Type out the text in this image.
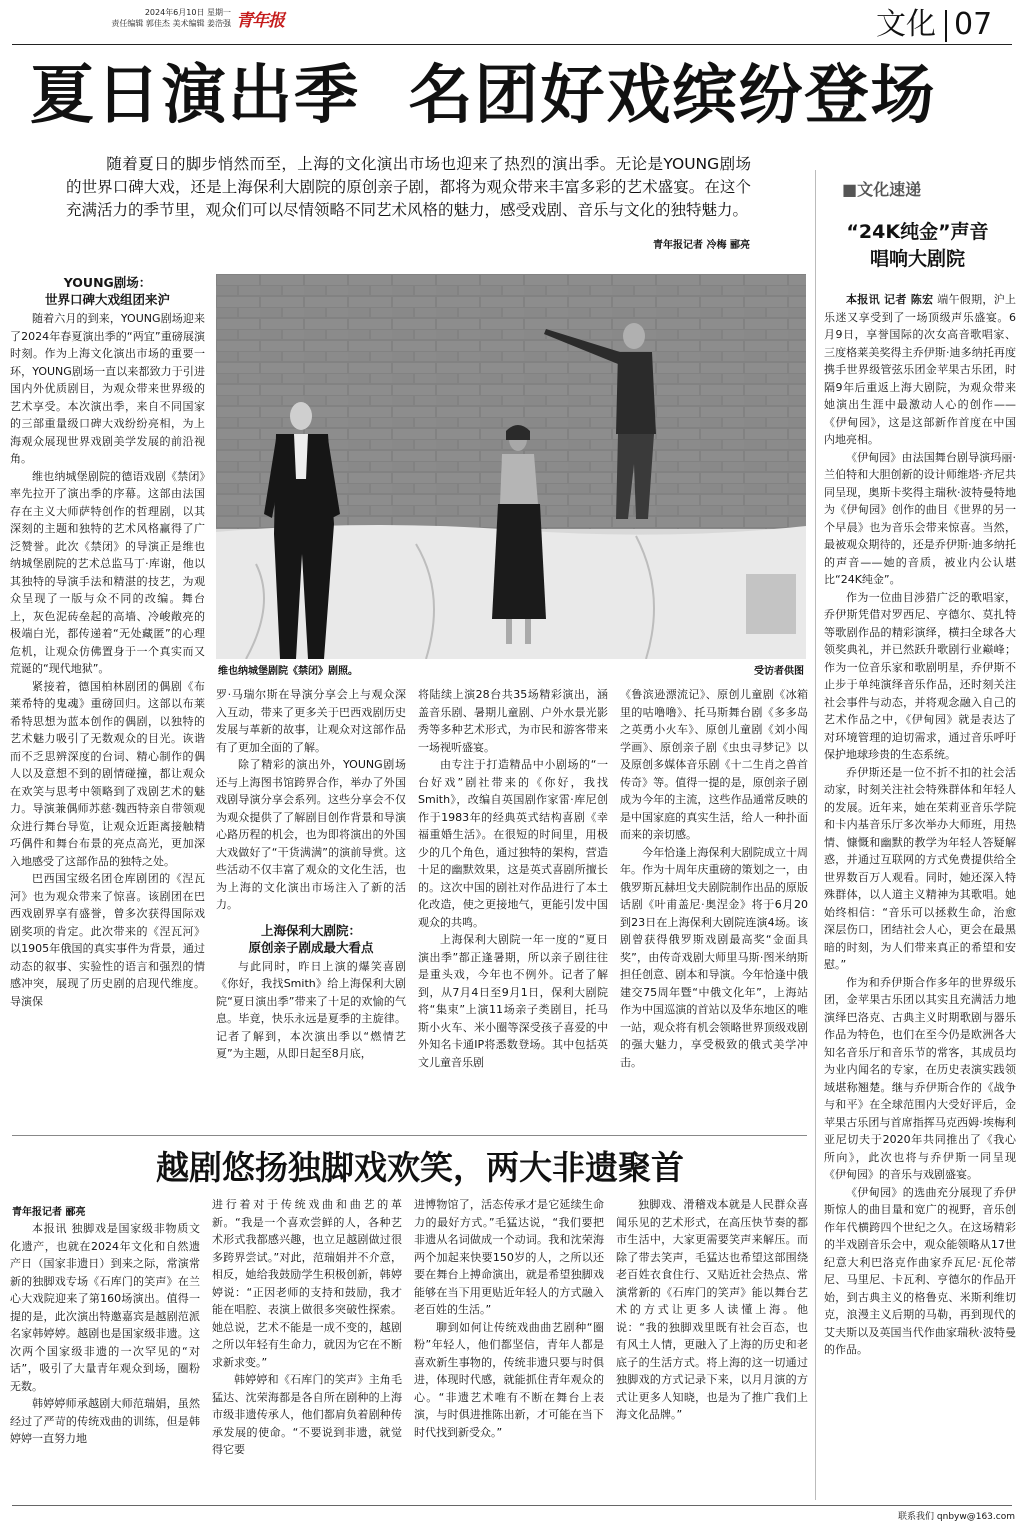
2024年6月10日 星期一
责任编辑 郭佳杰 美术编辑 姜浩强 青年报	文化 07
夏日演出季  名团好戏缤纷登场
随着夏日的脚步悄然而至，上海的文化演出市场也迎来了热烈的演出季。无论是YOUNG剧场的世界口碑大戏，还是上海保利大剧院的原创亲子剧，都将为观众带来丰富多彩的艺术盛宴。在这个充满活力的季节里，观众们可以尽情领略不同艺术风格的魅力，感受戏剧、音乐与文化的独特魅力。
青年报记者 冷梅 郦亮
■文化速递
“24K纯金”声音
唱响大剧院

本报讯 记者 陈宏 端午假期，沪上乐迷又享受到了一场顶级声乐盛宴。6月9日，享誉国际的次女高音歌唱家、三度格莱美奖得主乔伊斯·迪多纳托再度携手世界级管弦乐团金苹果古乐团，时隔9年后重返上海大剧院，为观众带来她演出生涯中最激动人心的创作——《伊甸园》，这是这部新作首度在中国内地亮相。

《伊甸园》由法国舞台剧导演玛丽·兰伯特和大胆创新的设计师维塔·齐尼共同呈现，奥斯卡奖得主瑞秋·波特曼特地为《伊甸园》创作的曲目《世界的另一个早晨》也为音乐会带来惊喜。当然，最被观众期待的，还是乔伊斯·迪多纳托的声音——她的音质，被业内公认堪比“24K纯金”。

作为一位曲目涉猎广泛的歌唱家，乔伊斯凭借对罗西尼、亨德尔、莫扎特等歌剧作品的精彩演绎，横扫全球各大领奖典礼，并已然跃升歌剧行业巅峰；作为一位音乐家和歌剧明星，乔伊斯不止步于单纯演绎音乐作品，还时刻关注社会事件与动态，并将观念融入自己的艺术作品之中，《伊甸园》就是表达了对环境管理的迫切需求，通过音乐呼吁保护地球珍贵的生态系统。

乔伊斯还是一位不折不扣的社会活动家，时刻关注社会特殊群体和年轻人的发展。近年来，她在茱莉亚音乐学院和卡内基音乐厅多次举办大师班，用热情、慷慨和幽默的教学为年轻人答疑解惑，并通过互联网的方式免费提供给全世界数百万人观看。同时，她还深入特殊群体，以人道主义精神为其歌唱。她始终相信：“音乐可以拯救生命，治愈深层伤口，团结社会人心，更会在最黑暗的时刻，为人们带来真正的希望和安慰。”

作为和乔伊斯合作多年的世界级乐团，金苹果古乐团以其实且充满活力地演绎巴洛克、古典主义时期歌剧与器乐作品为特色，也们在至今仍是欧洲各大知名音乐厅和音乐节的常客，其成员均为业内闻名的专家，在历史表演实践领域堪称翘楚。继与乔伊斯合作的《战争与和平》在全球范围内大受好评后，金苹果古乐团与首席指挥马克西姆·埃梅利亚尼切夫于2020年共同推出了《我心所向》，此次也将与乔伊斯一同呈现《伊甸园》的音乐与戏剧盛宴。

《伊甸园》的选曲充分展现了乔伊斯惊人的曲目量和宽广的视野，音乐创作年代横跨四个世纪之久。在这场精彩的半戏剧音乐会中，观众能领略从17世纪意大利巴洛克作曲家乔瓦尼·瓦伦蒂尼、马里尼、卡瓦利、亨德尔的作品开始，到古典主义的格鲁克、米斯利维切克，浪漫主义后期的马勒，再到现代的艾夫斯以及英国当代作曲家瑞秋·波特曼的作品。

YOUNG剧场：
世界口碑大戏组团来沪

随着六月的到来，YOUNG剧场迎来了2024年春夏演出季的“两宜”重磅展演时刻。作为上海文化演出市场的重要一环，YOUNG剧场一直以来都致力于引进国内外优质剧目，为观众带来世界级的艺术享受。本次演出季，来自不同国家的三部重量级口碑大戏纷纷亮相，为上海观众展现世界戏剧美学发展的前沿视角。

维也纳城堡剧院的德语戏剧《禁闭》率先拉开了演出季的序幕。这部由法国存在主义大师萨特创作的哲理剧，以其深刻的主题和独特的艺术风格赢得了广泛赞誉。此次《禁闭》的导演正是维也纳城堡剧院的艺术总监马丁·库谢，他以其独特的导演手法和精湛的技艺，为观众呈现了一版与众不同的改编。舞台上，灰色泥砖垒起的高墙、冷峻敞亮的极端白光，都传递着“无处藏匿”的心理危机，让观众仿佛置身于一个真实而又荒诞的“现代地狱”。

紧接着，德国柏林剧团的偶剧《布莱希特的鬼魂》重磅回归。这部以布莱希特思想为蓝本创作的偶剧，以独特的艺术魅力吸引了无数观众的目光。诙谐而不乏思辨深度的台词、精心制作的偶人以及意想不到的剧情碰撞，都让观众在欢笑与思考中领略到了戏剧艺术的魅力。导演兼偶师苏慈·魏西特亲自带领观众进行舞台导览，让观众近距离接触精巧偶件和舞台布景的亮点高光，更加深入地感受了这部作品的独特之处。

巴西国宝级名团仓库剧团的《涅瓦河》也为观众带来了惊喜。该剧团在巴西戏剧界享有盛誉，曾多次获得国际戏剧奖项的肯定。此次带来的《涅瓦河》以1905年俄国的真实事件为背景，通过动态的叙事、实验性的语言和强烈的情感冲突，展现了历史剧的启现代维度。导演保

维也纳城堡剧院《禁闭》剧照。	受访者供图

罗·马瑞尔斯在导演分享会上与观众深入互动，带来了更多关于巴西戏剧历史发展与革新的故事，让观众对这部作品有了更加全面的了解。

除了精彩的演出外，YOUNG剧场还与上海图书馆跨界合作，举办了外国戏剧导演分享会系列。这些分享会不仅为观众提供了了解剧目创作背景和导演心路历程的机会，也为即将演出的外国大戏做好了“干货满满”的演前导赏。这些活动不仅丰富了观众的文化生活，也为上海的文化演出市场注入了新的活力。

上海保利大剧院：
原创亲子剧成最大看点

与此同时，昨日上演的爆笑喜剧《你好，我找Smith》给上海保利大剧院“夏日演出季”带来了十足的欢愉的气息。毕竟，快乐永远是夏季的主旋律。记者了解到，本次演出季以“燃情艺夏”为主题，从即日起至8月底，

将陆续上演28台共35场精彩演出，涵盖音乐剧、暑期儿童剧、户外水景光影秀等多种艺术形式，为市民和游客带来一场视听盛宴。

由专注于打造精品中小剧场的“一台好戏”剧社带来的《你好，我找Smith》，改编自英国剧作家雷·库尼创作于1983年的经典英式结构喜剧《幸福重婚生活》。在很短的时间里，用极少的几个角色，通过独特的架构，营造十足的幽默效果，这是英式喜剧所擅长的。这次中国的剧社对作品进行了本土化改造，使之更接地气，更能引发中国观众的共鸣。

上海保利大剧院一年一度的“夏日演出季”都正逢暑期，所以亲子剧往往是重头戏，今年也不例外。记者了解到，从7月4日至9月1日，保利大剧院将“集束”上演11场亲子类剧目，托马斯小火车、米小圈等深受孩子喜爱的中外知名卡通IP将悉数登场。其中包括英文儿童音乐剧

《鲁滨逊漂流记》、原创儿童剧《冰箱里的咕噜噜》、托马斯舞台剧《多多岛之英勇小火车》、原创儿童剧《刘小闯学画》、原创亲子剧《虫虫寻梦记》以及原创多媒体音乐剧《十二生肖之兽首传奇》等。值得一提的是，原创亲子剧成为今年的主流，这些作品通常反映的是中国家庭的真实生活，给人一种扑面而来的亲切感。

今年恰逢上海保利大剧院成立十周年。作为十周年庆重磅的策划之一，由俄罗斯瓦赫坦戈夫剧院制作出品的原版话剧《叶甫盖尼·奥涅金》将于6月20到23日在上海保利大剧院连演4场。该剧曾获得俄罗斯戏剧最高奖“金面具奖”，由传奇戏剧大师里马斯·图米纳斯担任创意、剧本和导演。今年恰逢中俄建交75周年暨“中俄文化年”，上海站作为中国巡演的首站以及华东地区的唯一站，观众将有机会领略世界顶级戏剧的强大魅力，享受极致的俄式美学冲击。

越剧悠扬独脚戏欢笑，两大非遗聚首
青年报记者 郦亮

本报讯 独脚戏是国家级非物质文化遗产，也就在2024年文化和自然遗产日（国家非遗日）到来之际，常演常新的独脚戏专场《石库门的笑声》在兰心大戏院迎来了第160场演出。值得一提的是，此次演出特邀嘉宾是越剧范派名家韩婷婷。越剧也是国家级非遗。这次两个国家级非遗的一次罕见的“对话”，吸引了大量青年观众到场，圈粉无数。

韩婷婷师承越剧大师范瑞娟，虽然经过了严苛的传统戏曲的训练，但是韩婷婷一直努力地

进行着对于传统戏曲和曲艺的革新。“我是一个喜欢尝鲜的人，各种艺术形式我都感兴趣，也立足越剧做过很多跨界尝试。”对此，范瑞娟并不介意，相反，她给我鼓励学生积极创新，韩婷婷说：“正因老师的支持和鼓励，我才能在唱腔、表演上做很多突破性探索。她总说，艺术不能是一成不变的，越剧之所以年轻有生命力，就因为它在不断求新求变。”

韩婷婷和《石库门的笑声》主角毛猛达、沈荣海都是各自所在剧种的上海市级非遗传承人，他们都肩负着剧种传承发展的使命。“不要说到非遗，就觉得它要

进博物馆了，活态传承才是它延续生命力的最好方式。”毛猛达说，“我们要把非遗从名词做成一个动词。我和沈荣海两个加起来快要150岁的人，之所以还要在舞台上搏命演出，就是希望独脚戏能够在当下用更贴近年轻人的方式融入老百姓的生活。”

聊到如何让传统戏曲曲艺剧种“圈粉”年轻人，他们都坚信，青年人都是喜欢新生事物的，传统非遗只要与时俱进，体现时代感，就能抓住青年观众的心。“非遗艺术唯有不断在舞台上表演，与时俱进推陈出新，才可能在当下时代找到新受众。”

独脚戏、滑稽戏本就是人民群众喜闻乐见的艺术形式，在高压快节奏的都市生活中，大家更需要笑声来解压。而除了带去笑声，毛猛达也希望这部围绕老百姓衣食住行、又贴近社会热点、常演常新的《石库门的笑声》能以舞台艺术的方式让更多人读懂上海。他说：“我的独脚戏里既有社会百态，也有风土人情，更融入了上海的历史和老底子的生活方式。将上海的这一切通过独脚戏的方式记录下来，以月月演的方式让更多人知晓，也是为了推广我们上海文化品牌。”

联系我们 qnbyw@163.com
